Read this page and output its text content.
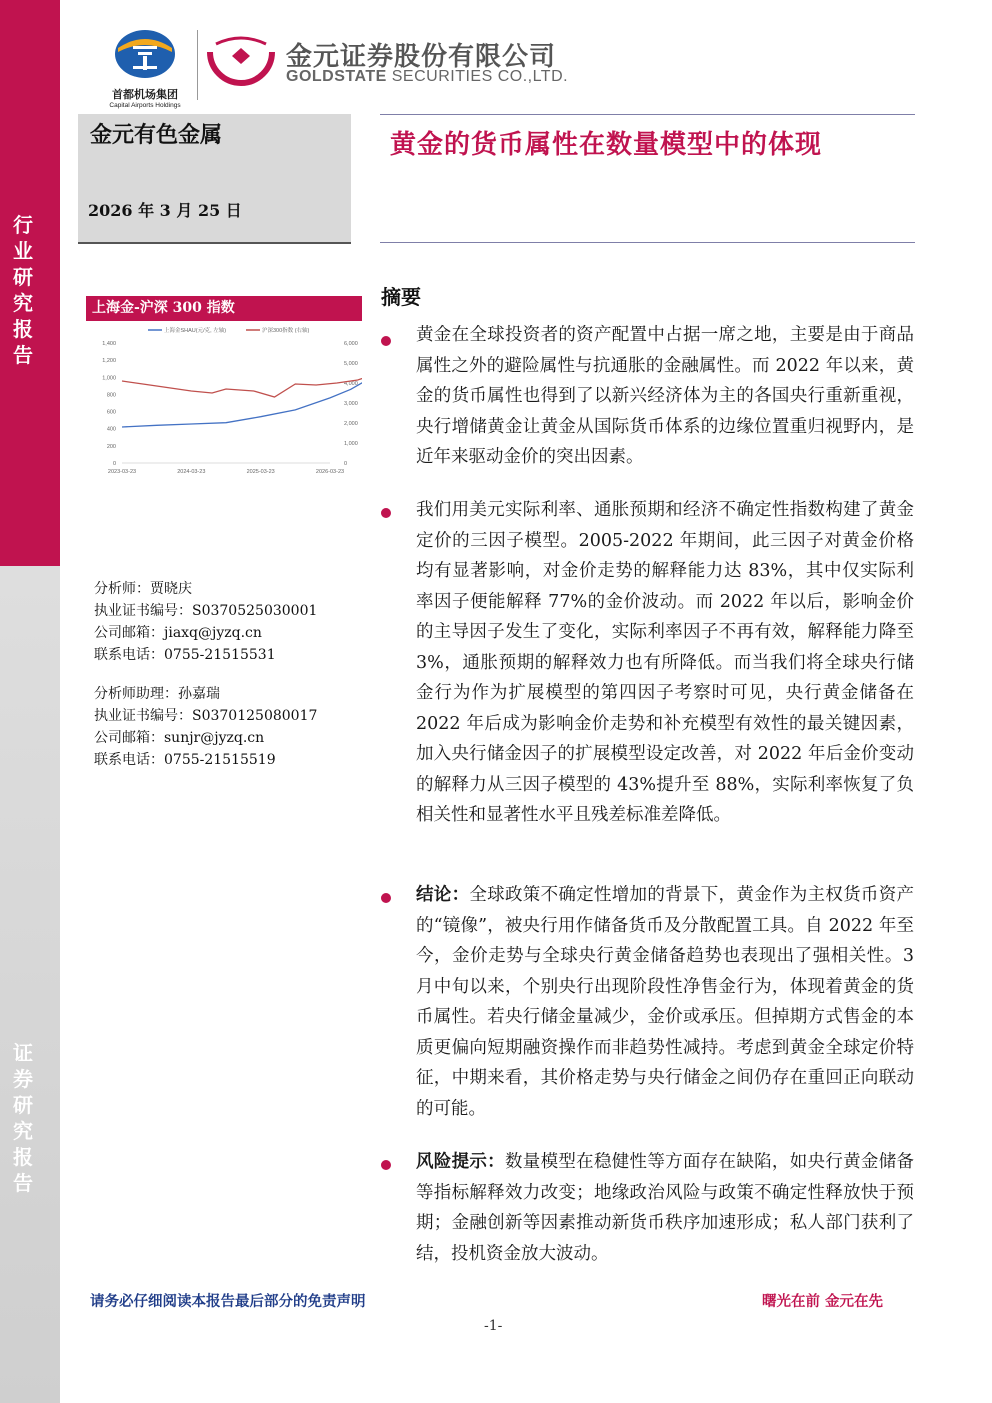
行
业
研
究
报
告
证
券
研
究
报
告
首都机场集团
Capital Airports Holdings
金元证券股份有限公司
GOLDSTATE SECURITIES CO.,LTD.
金元有色金属
2026 年 3 月 25 日
黄金的货币属性在数量模型中的体现
上海金-沪深 300 指数
上海金SHAU(元/克, 左轴)	沪深300指数 (右轴)
1,400
1,200
1,000
800
600
400
200
0
6,000
5,000
4,000
3,000
2,000
1,000
0
2023-03-23	2024-03-23	2025-03-23	2026-03-23
分析师：贾晓庆
执业证书编号：S0370525030001
公司邮箱：jiaxq@jyzq.cn
联系电话：0755-21515531
分析师助理：孙嘉瑞
执业证书编号：S0370125080017
公司邮箱：sunjr@jyzq.cn
联系电话：0755-21515519
摘要
黄金在全球投资者的资产配置中占据一席之地，主要是由于商品属性之外的避险属性与抗通胀的金融属性。而 2022 年以来，黄金的货币属性也得到了以新兴经济体为主的各国央行重新重视，央行增储黄金让黄金从国际货币体系的边缘位置重归视野内，是近年来驱动金价的突出因素。
我们用美元实际利率、通胀预期和经济不确定性指数构建了黄金定价的三因子模型。2005-2022 年期间，此三因子对黄金价格均有显著影响，对金价走势的解释能力达 83%，其中仅实际利率因子便能解释 77%的金价波动。而 2022 年以后，影响金价的主导因子发生了变化，实际利率因子不再有效，解释能力降至 3%，通胀预期的解释效力也有所降低。而当我们将全球央行储金行为作为扩展模型的第四因子考察时可见，央行黄金储备在 2022 年后成为影响金价走势和补充模型有效性的最关键因素，加入央行储金因子的扩展模型设定改善，对 2022 年后金价变动的解释力从三因子模型的 43%提升至 88%，实际利率恢复了负相关性和显著性水平且残差标准差降低。
结论：全球政策不确定性增加的背景下，黄金作为主权货币资产的“镜像”，被央行用作储备货币及分散配置工具。自 2022 年至今，金价走势与全球央行黄金储备趋势也表现出了强相关性。3 月中旬以来，个别央行出现阶段性净售金行为，体现着黄金的货币属性。若央行储金量减少，金价或承压。但掉期方式售金的本质更偏向短期融资操作而非趋势性减持。考虑到黄金全球定价特征，中期来看，其价格走势与央行储金之间仍存在重回正向联动的可能。
风险提示：数量模型在稳健性等方面存在缺陷，如央行黄金储备等指标解释效力改变；地缘政治风险与政策不确定性释放快于预期；金融创新等因素推动新货币秩序加速形成；私人部门获利了结，投机资金放大波动。
请务必仔细阅读本报告最后部分的免责声明	曙光在前 金元在先
-1-
